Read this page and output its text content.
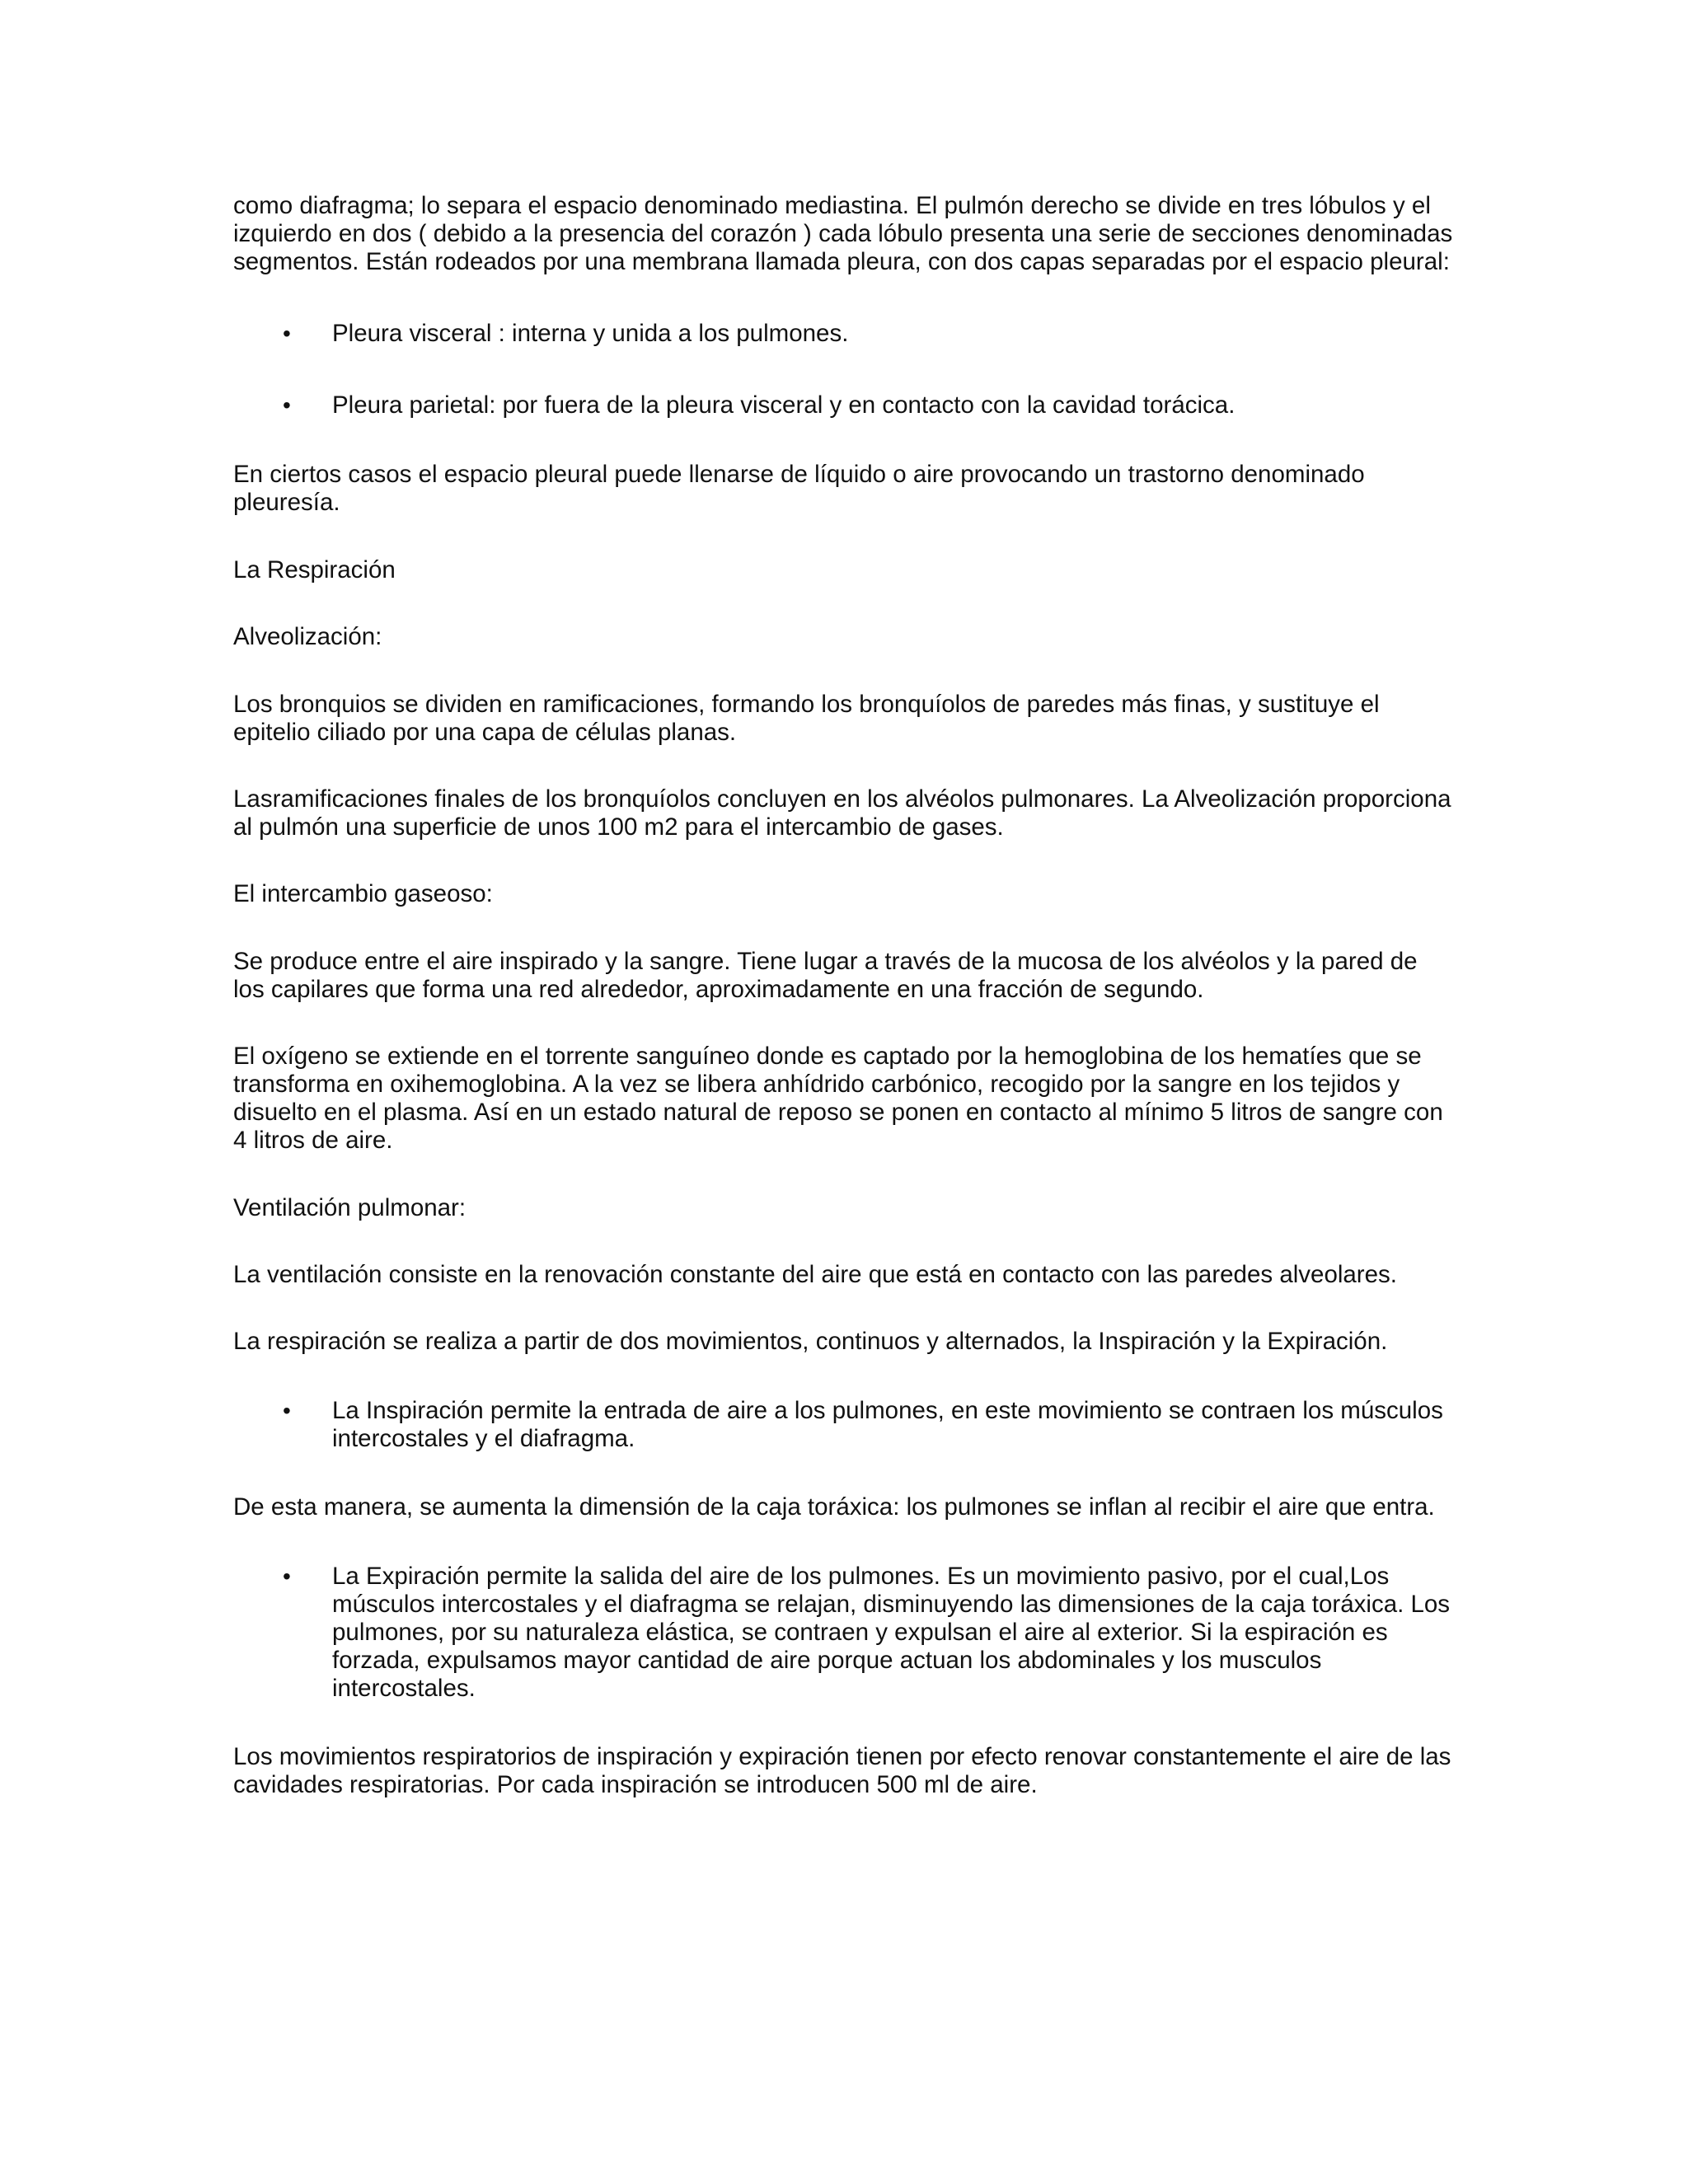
como diafragma; lo separa el espacio denominado mediastina. El pulmón derecho se divide en tres lóbulos y el izquierdo en dos ( debido a la presencia del corazón ) cada lóbulo presenta una serie de secciones denominadas segmentos. Están rodeados por una membrana llamada pleura, con dos capas separadas por el espacio pleural:

•	Pleura visceral : interna y unida a los pulmones.
•	Pleura parietal: por fuera de la pleura visceral y en contacto con la cavidad torácica.

En ciertos casos el espacio pleural puede llenarse de líquido o aire provocando un trastorno denominado pleuresía.

La Respiración

Alveolización:

Los bronquios se dividen en ramificaciones, formando los bronquíolos de paredes más finas, y sustituye el epitelio ciliado por una capa de células planas.

Lasramificaciones finales de los bronquíolos concluyen en los alvéolos pulmonares. La Alveolización proporciona al pulmón una superficie de unos 100 m2 para el intercambio de gases.

El intercambio gaseoso:

Se produce entre el aire inspirado y la sangre. Tiene lugar a través de la mucosa de los alvéolos y la pared de los capilares que forma una red alrededor, aproximadamente en una fracción de segundo.

El oxígeno se extiende en el torrente sanguíneo donde es captado por la hemoglobina de los hematíes que se transforma en oxihemoglobina. A la vez se libera anhídrido carbónico, recogido por la sangre en los tejidos y disuelto en el plasma. Así en un estado natural de reposo se ponen en contacto al mínimo 5 litros de sangre con 4 litros de aire.

Ventilación pulmonar:

La ventilación consiste en la renovación constante del aire que está en contacto con las paredes alveolares.

La respiración se realiza a partir de dos movimientos, continuos y alternados, la Inspiración y la Expiración.

•	La Inspiración permite la entrada de aire a los pulmones, en este movimiento se contraen los músculos intercostales y el diafragma.

De esta manera, se aumenta la dimensión de la caja toráxica: los pulmones se inflan al recibir el aire que entra.

•	La Expiración permite la salida del aire de los pulmones. Es un movimiento pasivo, por el cual,Los músculos intercostales y el diafragma se relajan, disminuyendo las dimensiones de la caja toráxica. Los pulmones, por su naturaleza elástica, se contraen y expulsan el aire al exterior. Si la espiración es forzada, expulsamos mayor cantidad de aire porque actuan los abdominales y los musculos intercostales.

Los movimientos respiratorios de inspiración y expiración tienen por efecto renovar constantemente el aire de las cavidades respiratorias. Por cada inspiración se introducen 500 ml de aire.
